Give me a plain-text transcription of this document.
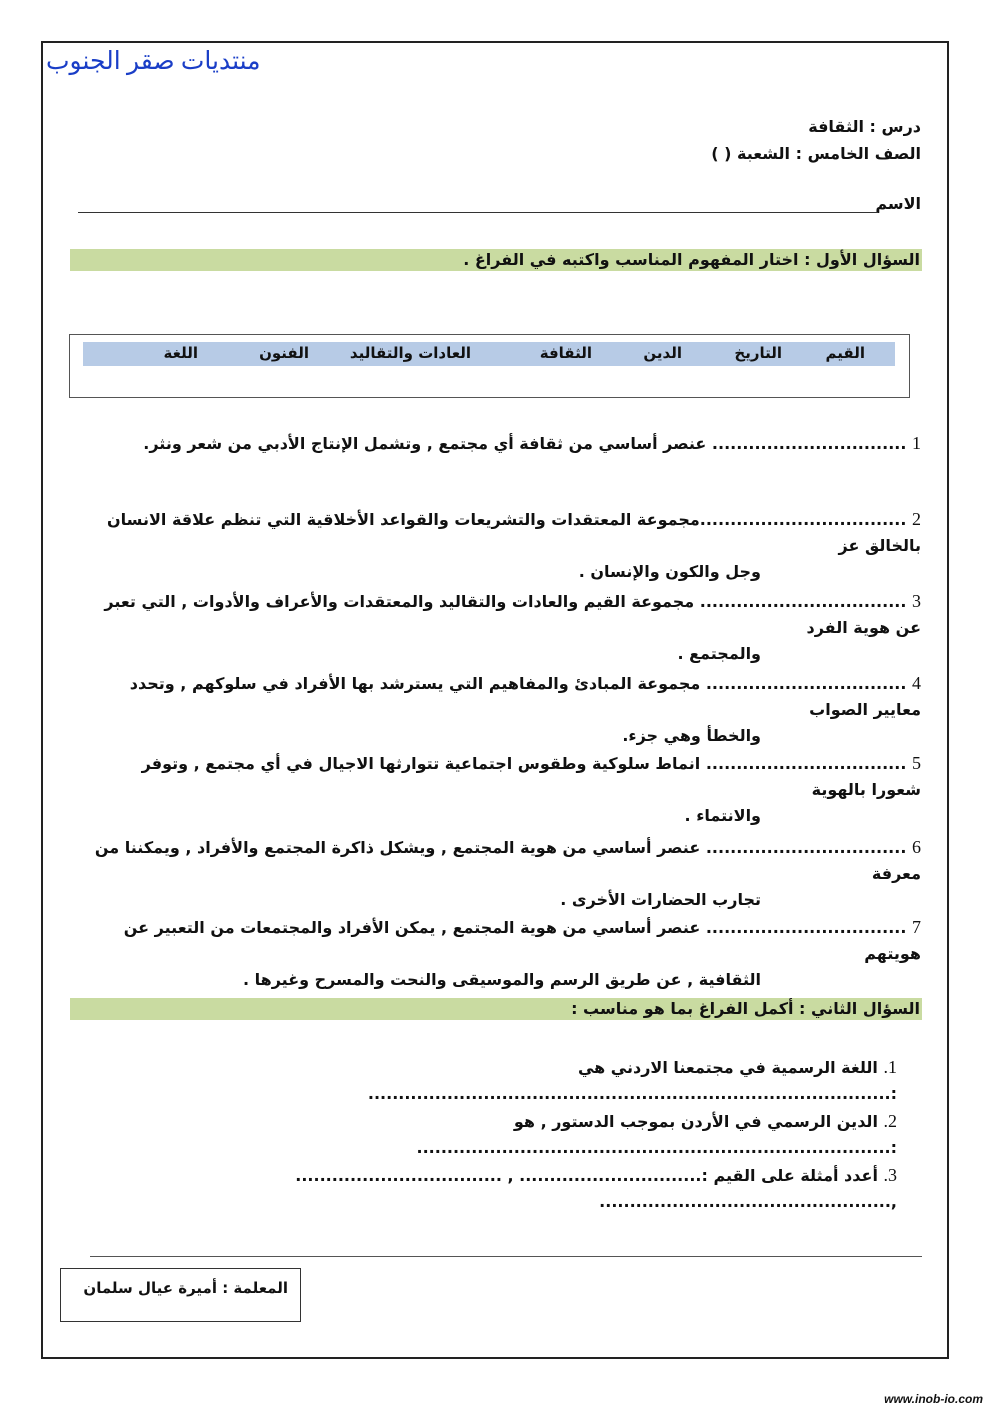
منتديات صقر الجنوب
درس : الثقافة
الصف الخامس : الشعبة ( )
الاسم
السؤال الأول : اختار المفهوم المناسب واكتبه في الفراغ .
القيم
التاريخ
الدين
الثقافة
العادات والتقاليد
الفنون
اللغة
1 ................................ عنصر أساسي من ثقافة أي مجتمع , وتشمل الإنتاج الأدبي من شعر ونثر.
2 ..................................مجموعة المعتقدات والتشريعات والقواعد الأخلاقية التي تنظم علاقة الانسان بالخالق عز
وجل والكون والإنسان .
3 .................................. مجموعة القيم والعادات والتقاليد والمعتقدات والأعراف والأدوات , التي تعبر عن هوية الفرد
والمجتمع .
4 ................................. مجموعة المبادئ والمفاهيم التي يسترشد بها الأفراد في سلوكهم , وتحدد معايير الصواب
والخطأ وهي جزء.
5 ................................. انماط سلوكية وطقوس اجتماعية تتوارثها الاجيال في أي مجتمع , وتوفر شعورا بالهوية
والانتماء .
6 ................................. عنصر أساسي من هوية المجتمع , ويشكل ذاكرة المجتمع والأفراد , ويمكننا من معرفة
تجارب الحضارات الأخرى .
7 ................................. عنصر أساسي من هوية المجتمع , يمكن الأفراد والمجتمعات من التعبير عن هويتهم
الثقافية , عن طريق الرسم والموسيقى والنحت والمسرح وغيرها .
السؤال الثاني : أكمل الفراغ بما هو مناسب :
1. اللغة الرسمية في مجتمعنا الاردني هي :......................................................................................
2. الدين الرسمي في الأردن بموجب الدستور , هو :..............................................................................
3. أعدد أمثلة على القيم :.............................. , .................................. ,................................................
المعلمة : أميرة عيال سلمان
www.inob-io.com
